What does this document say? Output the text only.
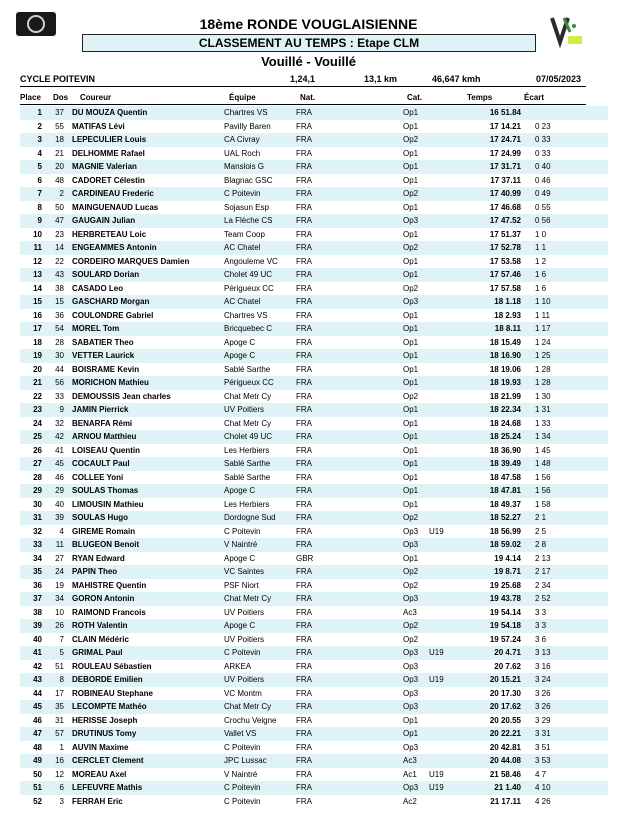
18ème RONDE VOUGLAISIENNE
CLASSEMENT AU TEMPS : Etape CLM
Vouillé - Vouillé
CYCLE POITEVIN	1,24,1	13,1 km	46,647 kmh	07/05/2023
Place Dos Coureur	Équipe	Nat.	Cat.	Temps	Écart
1	37	DU MOUZA Quentin	Chartres VS	FRA	Op1		16 51.84	
2	55	MATIFAS Lévi	Pavilly Baren	FRA	Op1		17 14.21	0 23
3	18	LEPECULIER Louis	CA Civray	FRA	Op2		17 24.71	0 33
4	21	DELHOMME Rafael	UAL Roch	FRA	Op1		17 24.99	0 33
5	20	MAGNIE Valerian	Manslois G	FRA	Op1		17 31.71	0 40
6	48	CADORET Célestin	Blagnac GSC	FRA	Op1		17 37.11	0 46
7	2	CARDINEAU Frederic	C Poitevin	FRA	Op2		17 40.99	0 49
8	50	MAINGUENAUD Lucas	Sojasun Esp	FRA	Op1		17 46.68	0 55
9	47	GAUGAIN Julian	La Flèche CS	FRA	Op3		17 47.52	0 56
10	23	HERBRETEAU Loic	Team Coop	FRA	Op1		17 51.37	1 0
11	14	ENGEAMMES Antonin	AC Chatel	FRA	Op2		17 52.78	1 1
12	22	CORDEIRO MARQUES Damien	Angouleme VC	FRA	Op1		17 53.58	1 2
13	43	SOULARD Dorian	Cholet 49 UC	FRA	Op1		17 57.46	1 6
14	38	CASADO Leo	Périgueux CC	FRA	Op2		17 57.58	1 6
15	15	GASCHARD Morgan	AC Chatel	FRA	Op3		18 1.18	1 10
16	36	COULONDRE Gabriel	Chartres VS	FRA	Op1		18 2.93	1 11
17	54	MOREL Tom	Bricquebec C	FRA	Op1		18 8.11	1 17
18	28	SABATIER Theo	Apoge C	FRA	Op1		18 15.49	1 24
19	30	VETTER Laurick	Apoge C	FRA	Op1		18 16.90	1 25
20	44	BOISRAME Kevin	Sablé Sarthe	FRA	Op1		18 19.06	1 28
21	56	MORICHON Mathieu	Périgueux CC	FRA	Op1		18 19.93	1 28
22	33	DEMOUSSIS Jean charles	Chat Metr Cy	FRA	Op2		18 21.99	1 30
23	9	JAMIN Pierrick	UV Poitiers	FRA	Op1		18 22.34	1 31
24	32	BENARFA Rémi	Chat Metr Cy	FRA	Op1		18 24.68	1 33
25	42	ARNOU Matthieu	Cholet 49 UC	FRA	Op1		18 25.24	1 34
26	41	LOISEAU Quentin	Les Herbiers	FRA	Op1		18 36.90	1 45
27	45	COCAULT Paul	Sablé Sarthe	FRA	Op1		18 39.49	1 48
28	46	COLLEE Yoni	Sablé Sarthe	FRA	Op1		18 47.58	1 56
29	29	SOULAS Thomas	Apoge C	FRA	Op1		18 47.81	1 56
30	40	LIMOUSIN Mathieu	Les Herbiers	FRA	Op1		18 49.37	1 58
31	39	SOULAS Hugo	Dordogne Sud	FRA	Op2		18 52.27	2 1
32	4	GIREME Romain	C Poitevin	FRA	Op3	U19	18 56.99	2 5
33	11	BLUGEON Benoit	V Naintré	FRA	Op3		18 59.02	2 8
34	27	RYAN Edward	Apoge C	GBR	Op1		19 4.14	2 13
35	24	PAPIN Theo	VC Saintes	FRA	Op2		19 8.71	2 17
36	19	MAHISTRE Quentin	PSF Niort	FRA	Op2		19 25.68	2 34
37	34	GORON Antonin	Chat Metr Cy	FRA	Op3		19 43.78	2 52
38	10	RAIMOND Francois	UV Poitiers	FRA	Ac3		19 54.14	3 3
39	26	ROTH Valentin	Apoge C	FRA	Op2		19 54.18	3 3
40	7	CLAIN Médéric	UV Poitiers	FRA	Op2		19 57.24	3 6
41	5	GRIMAL Paul	C Poitevin	FRA	Op3	U19	20 4.71	3 13
42	51	ROULEAU Sébastien	ARKEA	FRA	Op3		20 7.62	3 16
43	8	DEBORDE Emilien	UV Poitiers	FRA	Op3	U19	20 15.21	3 24
44	17	ROBINEAU Stephane	VC Montm	FRA	Op3		20 17.30	3 26
45	35	LECOMPTE Mathéo	Chat Metr Cy	FRA	Op3		20 17.62	3 26
46	31	HERISSE Joseph	Crochu Veigne	FRA	Op1		20 20.55	3 29
47	57	DRUTINUS Tomy	Vallet VS	FRA	Op1		20 22.21	3 31
48	1	AUVIN Maxime	C Poitevin	FRA	Op3		20 42.81	3 51
49	16	CERCLET Clement	JPC Lussac	FRA	Ac3		20 44.08	3 53
50	12	MOREAU Axel	V Naintré	FRA	Ac1	U19	21 58.46	4 7
51	6	LEFEUVRE Mathis	C Poitevin	FRA	Op3	U19	21 1.40	4 10
52	3	FERRAH Eric	C Poitevin	FRA	Ac2		21 17.11	4 26
